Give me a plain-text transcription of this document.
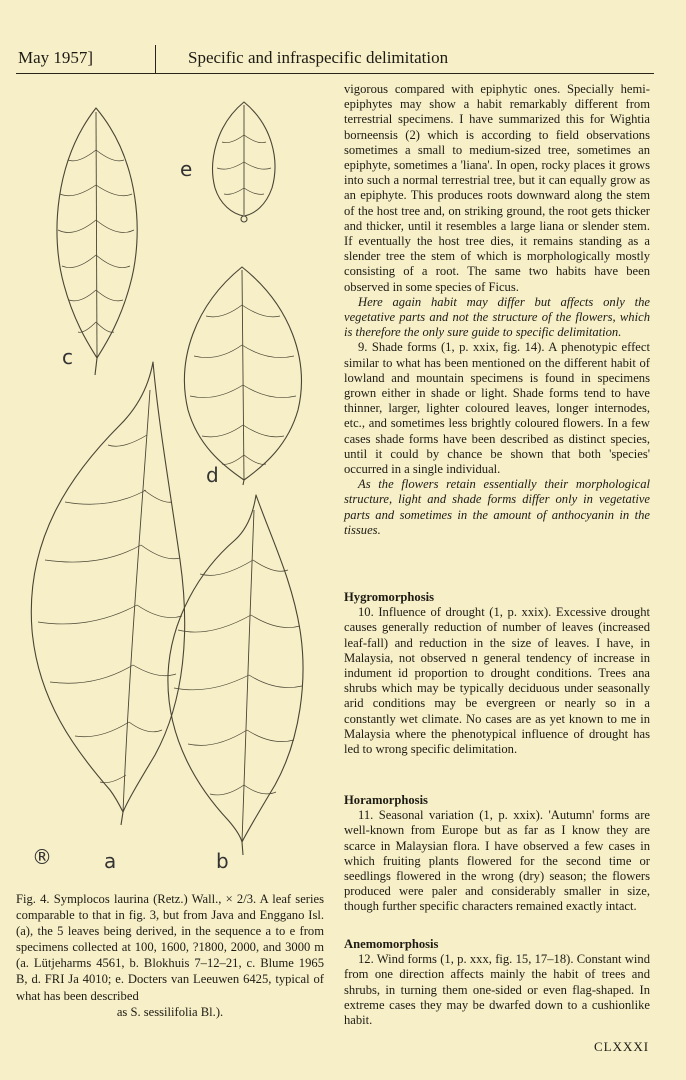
May 1957]	Specific and infraspecific delimitation
c
e
d
a	b
®
Fig. 4. Symplocos laurina (Retz.) Wall., × 2/3. A leaf series comparable to that in fig. 3, but from Java and Enggano Isl. (a), the 5 leaves being derived, in the sequence a to e from specimens collected at 100, 1600, ?1800, 2000, and 3000 m (a. Lütjeharms 4561, b. Blokhuis 7–12–21, c. Blume 1965 B, d. FRI Ja 4010; e. Docters van Leeuwen 6425, typical of what has been described
as S. sessilifolia Bl.).

vigorous compared with epiphytic ones. Specially hemi-epiphytes may show a habit remarkably different from terrestrial specimens. I have summarized this for Wightia borneensis (2) which is according to field observations sometimes a small to medium-sized tree, sometimes an epiphyte, sometimes a 'liana'. In open, rocky places it grows into such a normal terrestrial tree, but it can equally grow as an epiphyte. This produces roots downward along the stem of the host tree and, on striking ground, the root gets thicker and thicker, until it resembles a large liana or slender stem. If eventually the host tree dies, it remains standing as a slender tree the stem of which is morphologically mostly consisting of a root. The same two habits have been observed in some species of Ficus.

Here again habit may differ but affects only the vegetative parts and not the structure of the flowers, which is therefore the only sure guide to specific delimitation.

9. Shade forms (1, p. xxix, fig. 14). A phenotypic effect similar to what has been mentioned on the different habit of lowland and mountain specimens is found in specimens grown either in shade or light. Shade forms tend to have thinner, larger, lighter coloured leaves, longer internodes, etc., and sometimes less brightly coloured flowers. In a few cases shade forms have been described as distinct species, until it could by chance be shown that both 'species' occurred in a single individual.

As the flowers retain essentially their morphological structure, light and shade forms differ only in vegetative parts and sometimes in the amount of anthocyanin in the tissues.

Hygromorphosis

10. Influence of drought (1, p. xxix). Excessive drought causes generally reduction of number of leaves (increased leaf-fall) and reduction in the size of leaves. I have, in Malaysia, not observed n general tendency of increase in indument id proportion to drought conditions. Trees ana shrubs which may be typically deciduous under seasonally arid conditions may be evergreen or nearly so in a constantly wet climate. No cases are as yet known to me in Malaysia where the phenotypical influence of drought has led to wrong specific delimitation.

Horamorphosis

11. Seasonal variation (1, p. xxix). 'Autumn' forms are well-known from Europe but as far as I know they are scarce in Malaysian flora. I have observed a few cases in which fruiting plants flowered for the second time or seedlings flowered in the wrong (dry) season; the flowers produced were paler and considerably smaller in size, though further specific characters remained exactly intact.

Anemomorphosis

12. Wind forms (1, p. xxx, fig. 15, 17–18). Constant wind from one direction affects mainly the habit of trees and shrubs, in turning them one-sided or even flag-shaped. In extreme cases they may be dwarfed down to a cushionlike habit.

CLXXXI
